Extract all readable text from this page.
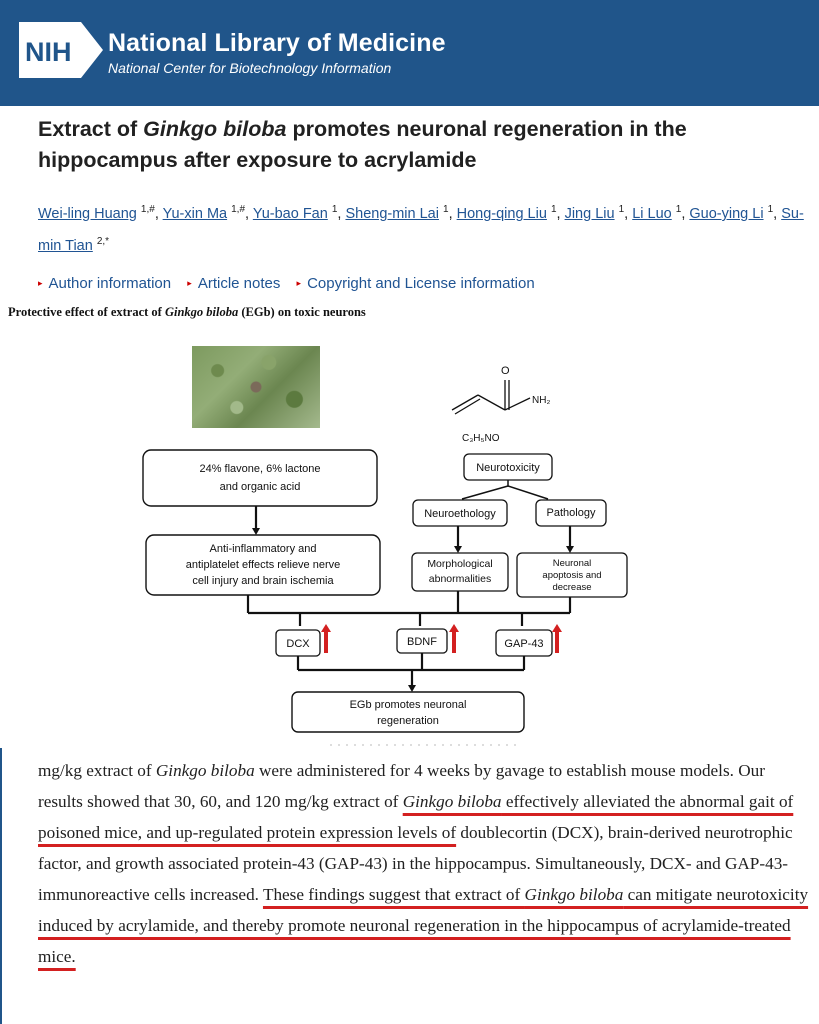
NIH National Library of Medicine
National Center for Biotechnology Information
Extract of Ginkgo biloba promotes neuronal regeneration in the hippocampus after exposure to acrylamide
Wei-ling Huang $^{1,\#}$, Yu-xin Ma $^{1,\#}$, Yu-bao Fan $^1$, Sheng-min Lai $^1$, Hong-qing Liu $^1$, Jing Liu $^1$, Li Luo $^1$, Guo-ying Li $^1$, Su-min Tian $^{2,*}$
▸ Author information ▸ Article notes ▸ Copyright and License information
Protective effect of extract of Ginkgo biloba (EGb) on toxic neurons
O
NH₂
C₃H₅NO
24% flavone, 6% lactone
and organic acid
Anti-inflammatory and
antiplatelet effects relieve nerve
cell injury and brain ischemia
Neurotoxicity
Neuroethology	Pathology
Morphological
abnormalities
Neuronal
apoptosis and
decrease
DCX	BDNF	GAP-43
EGb promotes neuronal
regeneration

mg/kg extract of Ginkgo biloba were administered for 4 weeks by gavage to establish mouse models. Our results showed that 30, 60, and 120 mg/kg extract of Ginkgo biloba effectively alleviated the abnormal gait of poisoned mice, and up-regulated protein expression levels of doublecortin (DCX), brain-derived neurotrophic factor, and growth associated protein-43 (GAP-43) in the hippocampus. Simultaneously, DCX- and GAP-43-immunoreactive cells increased. These findings suggest that extract of Ginkgo biloba can mitigate neurotoxicity induced by acrylamide, and thereby promote neuronal regeneration in the hippocampus of acrylamide-treated mice.
